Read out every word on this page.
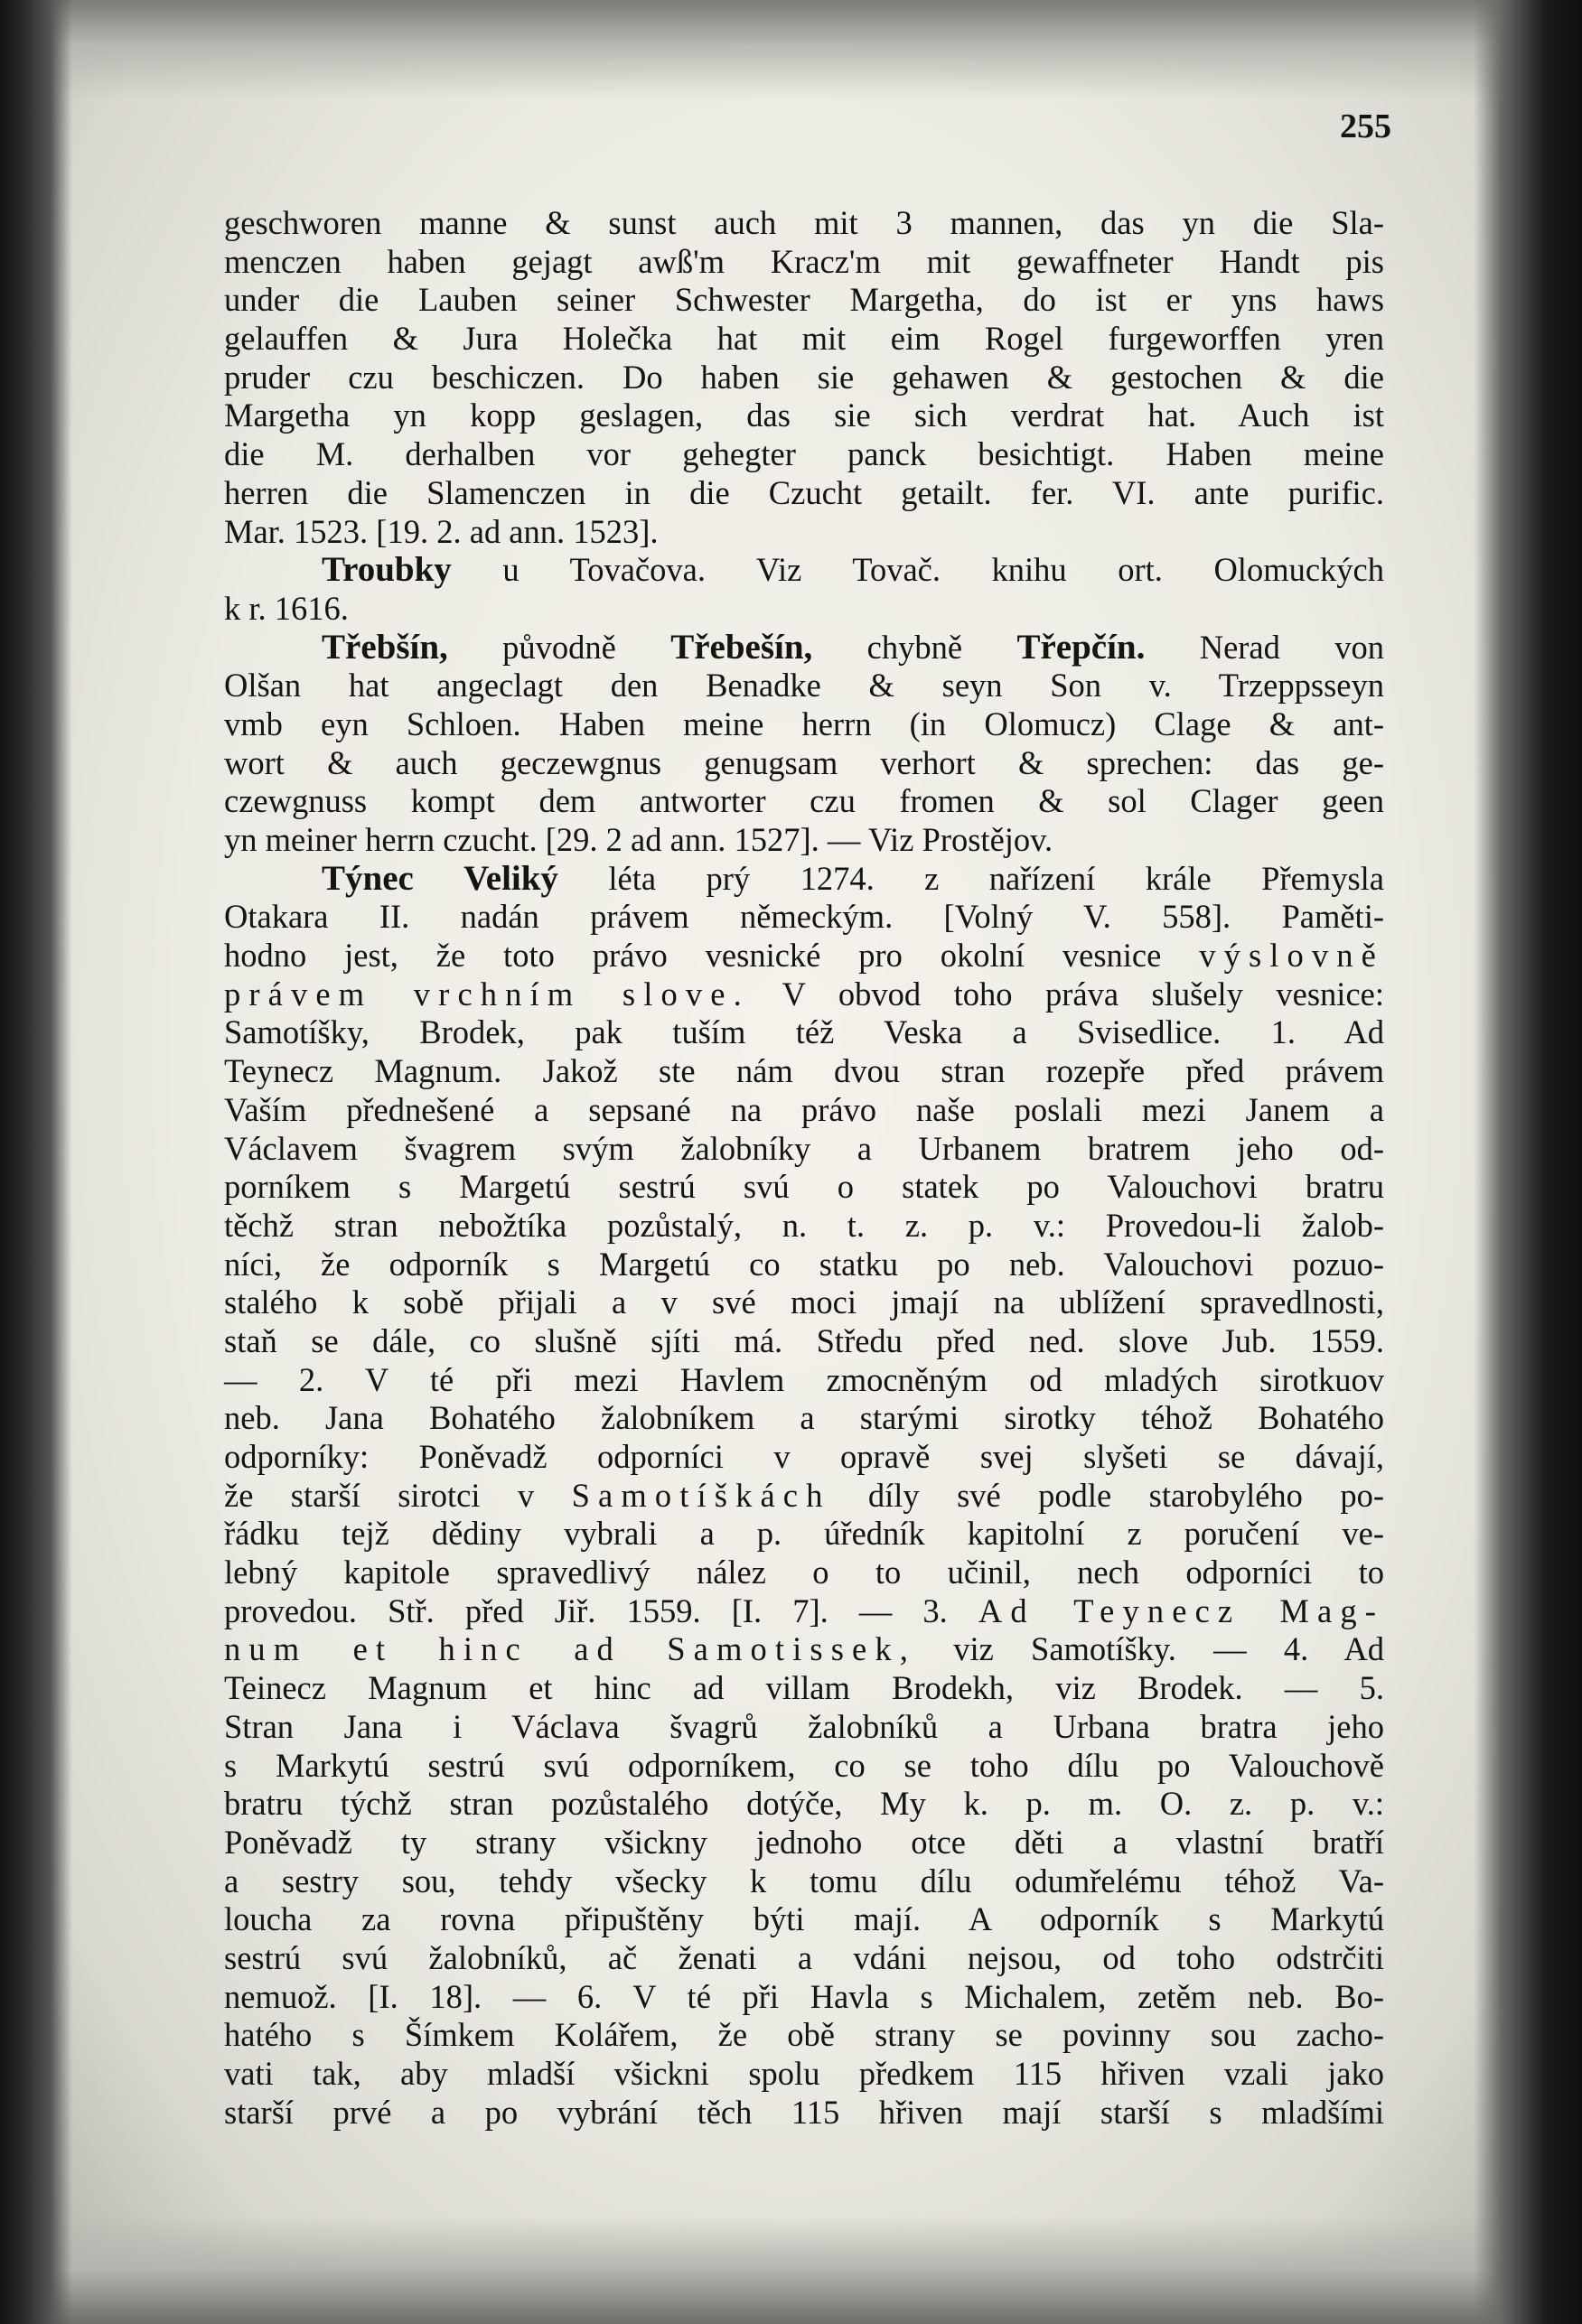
255
geschworen manne & sunst auch mit 3 mannen, das yn die Sla-
menczen haben gejagt awß'm Kracz'm mit gewaffneter Handt pis
under die Lauben seiner Schwester Margetha, do ist er yns haws
gelauffen & Jura Holečka hat mit eim Rogel furgeworffen yren
pruder czu beschiczen. Do haben sie gehawen & gestochen & die
Margetha yn kopp geslagen, das sie sich verdrat hat. Auch ist
die M. derhalben vor gehegter panck besichtigt. Haben meine
herren die Slamenczen in die Czucht getailt. fer. VI. ante purific.
Mar. 1523. [19. 2. ad ann. 1523].
Troubky u Tovačova. Viz Tovač. knihu ort. Olomuckých
k r. 1616.
Třebšín, původně Třebešín, chybně Třepčín. Nerad von
Olšan hat angeclagt den Benadke & seyn Son v. Trzeppsseyn
vmb eyn Schloen. Haben meine herrn (in Olomucz) Clage & ant-
wort & auch geczewgnus genugsam verhort & sprechen: das ge-
czewgnuss kompt dem antworter czu fromen & sol Clager geen
yn meiner herrn czucht. [29. 2 ad ann. 1527]. — Viz Prostějov.
Týnec Veliký léta prý 1274. z nařízení krále Přemysla
Otakara II. nadán právem německým. [Volný V. 558]. Paměti-
hodno jest, že toto právo vesnické pro okolní vesnice výslovně
právem vrchním slove. V obvod toho práva slušely vesnice:
Samotíšky, Brodek, pak tuším též Veska a Svisedlice. 1. Ad
Teynecz Magnum. Jakož ste nám dvou stran rozepře před právem
Vaším přednešené a sepsané na právo naše poslali mezi Janem a
Václavem švagrem svým žalobníky a Urbanem bratrem jeho od-
porníkem s Margetú sestrú svú o statek po Valouchovi bratru
těchž stran nebožtíka pozůstalý, n. t. z. p. v.: Provedou-li žalob-
níci, že odporník s Margetú co statku po neb. Valouchovi pozuo-
stalého k sobě přijali a v své moci jmají na ublížení spravedlnosti,
staň se dále, co slušně sjíti má. Středu před ned. slove Jub. 1559.
— 2. V té při mezi Havlem zmocněným od mladých sirotkuov
neb. Jana Bohatého žalobníkem a starými sirotky téhož Bohatého
odporníky: Poněvadž odporníci v opravě svej slyšeti se dávají,
že starší sirotci v Samotíškách díly své podle starobylého po-
řádku tejž dědiny vybrali a p. úředník kapitolní z poručení ve-
lebný kapitole spravedlivý nález o to učinil, nech odporníci to
provedou. Stř. před Jiř. 1559. [I. 7]. — 3. Ad Teynecz Mag-
num et hinc ad Samotissek, viz Samotíšky. — 4. Ad
Teinecz Magnum et hinc ad villam Brodekh, viz Brodek. — 5.
Stran Jana i Václava švagrů žalobníků a Urbana bratra jeho
s Markytú sestrú svú odporníkem, co se toho dílu po Valouchově
bratru týchž stran pozůstalého dotýče, My k. p. m. O. z. p. v.:
Poněvadž ty strany všickny jednoho otce děti a vlastní bratří
a sestry sou, tehdy všecky k tomu dílu odumřelému téhož Va-
loucha za rovna připuštěny býti mají. A odporník s Markytú
sestrú svú žalobníků, ač ženati a vdáni nejsou, od toho odstrčiti
nemuož. [I. 18]. — 6. V té při Havla s Michalem, zetěm neb. Bo-
hatého s Šímkem Kolářem, že obě strany se povinny sou zacho-
vati tak, aby mladší všickni spolu předkem 115 hřiven vzali jako
starší prvé a po vybrání těch 115 hřiven mají starší s mladšími
